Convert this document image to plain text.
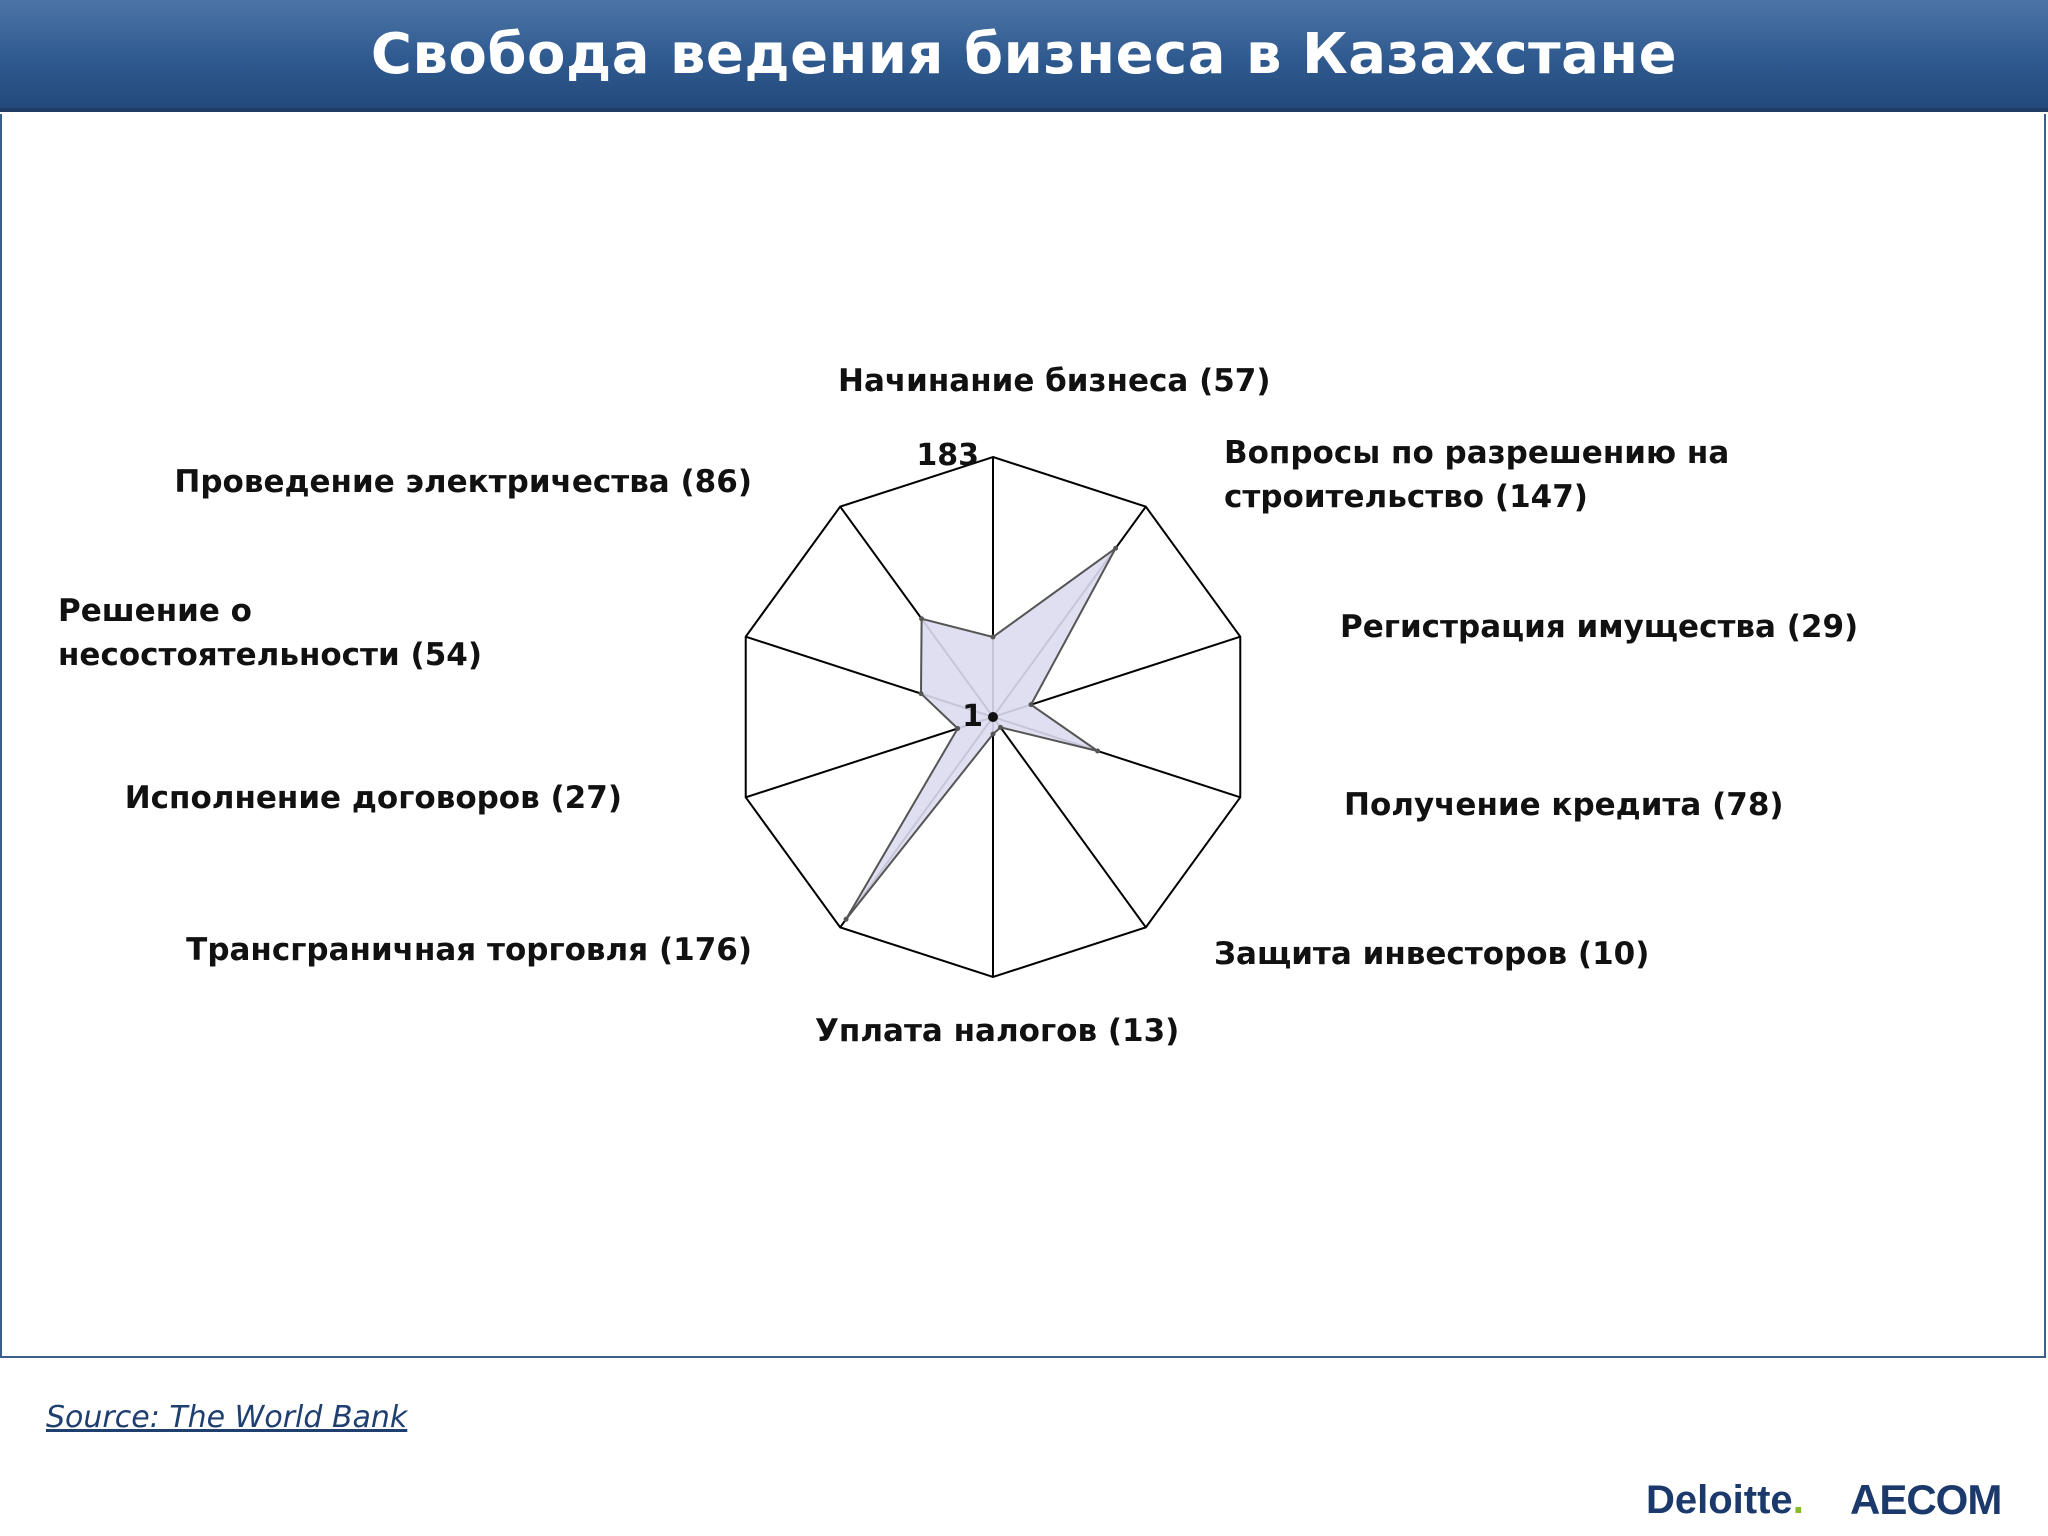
Свобода ведения бизнеса в Казахстане
1
183
Начинание бизнеса (57)
Вопросы по разрешению на строительство (147)
Регистрация имущества (29)
Получение кредита (78)
Защита инвесторов (10)
Уплата налогов (13)
Трансграничная торговля (176)
Исполнение договоров (27)
Решение о несостоятельности (54)
Проведение электричества (86)
Source: The World Bank
Deloitte. AECOM
